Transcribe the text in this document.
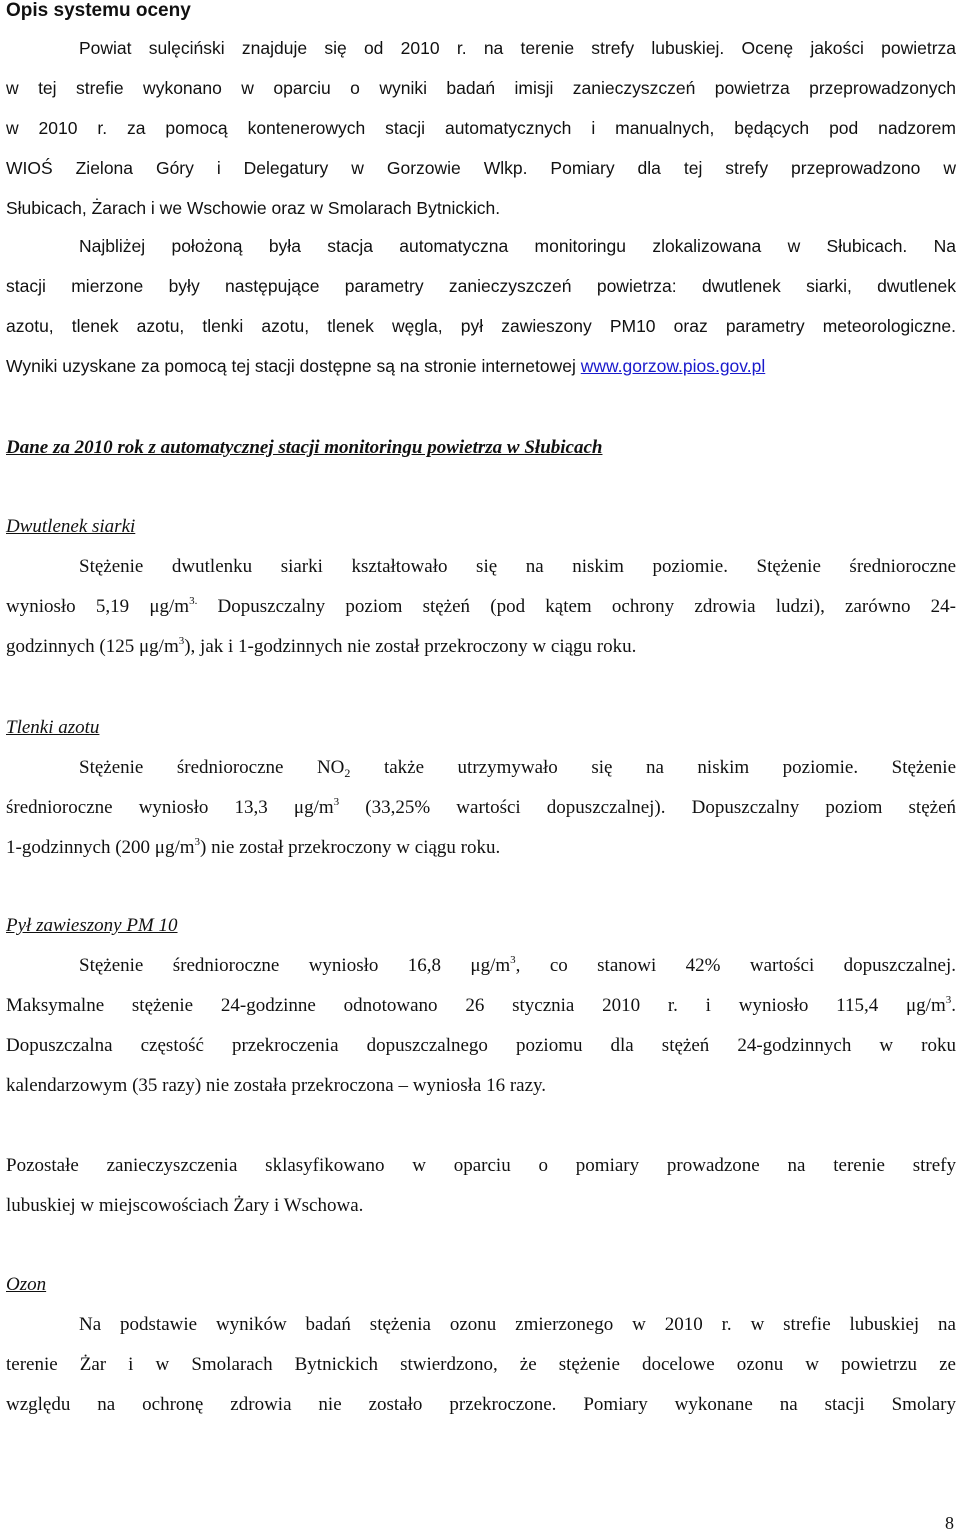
Opis systemu oceny
Powiat sulęciński znajduje się od 2010 r. na terenie strefy lubuskiej. Ocenę jakości powietrza
w tej strefie wykonano w oparciu o wyniki badań imisji zanieczyszczeń powietrza przeprowadzonych
w 2010 r. za pomocą kontenerowych stacji automatycznych i manualnych, będących pod nadzorem
WIOŚ Zielona Góry i Delegatury w Gorzowie Wlkp. Pomiary dla tej strefy przeprowadzono w
Słubicach, Żarach i we Wschowie oraz w Smolarach Bytnickich.
Najbliżej położoną była stacja automatyczna monitoringu zlokalizowana w Słubicach. Na
stacji mierzone były następujące parametry zanieczyszczeń powietrza: dwutlenek siarki, dwutlenek
azotu, tlenek azotu, tlenki azotu, tlenek węgla, pył zawieszony PM10 oraz parametry meteorologiczne.
Wyniki uzyskane za pomocą tej stacji dostępne są na stronie internetowej www.gorzow.pios.gov.pl
Dane za 2010 rok z automatycznej stacji monitoringu powietrza w Słubicach
Dwutlenek siarki
Stężenie dwutlenku siarki kształtowało się na niskim poziomie. Stężenie średnioroczne
wyniosło 5,19 $\mu g/m^{3.}$ Dopuszczalny poziom stężeń (pod kątem ochrony zdrowia ludzi), zarówno 24-
godzinnych (125 $\mu g/m^3$), jak i 1-godzinnych nie został przekroczony w ciągu roku.
Tlenki azotu
Stężenie średnioroczne $NO_2$ także utrzymywało się na niskim poziomie. Stężenie
średnioroczne wyniosło 13,3 $\mu g/m^3$ (33,25% wartości dopuszczalnej). Dopuszczalny poziom stężeń
1-godzinnych (200 $\mu g/m^3$) nie został przekroczony w ciągu roku.
Pył zawieszony PM 10
Stężenie średnioroczne wyniosło 16,8 $\mu g/m^3$, co stanowi 42% wartości dopuszczalnej.
Maksymalne stężenie 24-godzinne odnotowano 26 stycznia 2010 r. i wyniosło 115,4 $\mu g/m^3$.
Dopuszczalna częstość przekroczenia dopuszczalnego poziomu dla stężeń 24-godzinnych w roku
kalendarzowym (35 razy) nie została przekroczona – wyniosła 16 razy.
Pozostałe zanieczyszczenia sklasyfikowano w oparciu o pomiary prowadzone na terenie strefy
lubuskiej w miejscowościach Żary i Wschowa.
Ozon
Na podstawie wyników badań stężenia ozonu zmierzonego w 2010 r. w strefie lubuskiej na
terenie Żar i w Smolarach Bytnickich stwierdzono, że stężenie docelowe ozonu w powietrzu ze
względu na ochronę zdrowia nie zostało przekroczone. Pomiary wykonane na stacji Smolary
8
